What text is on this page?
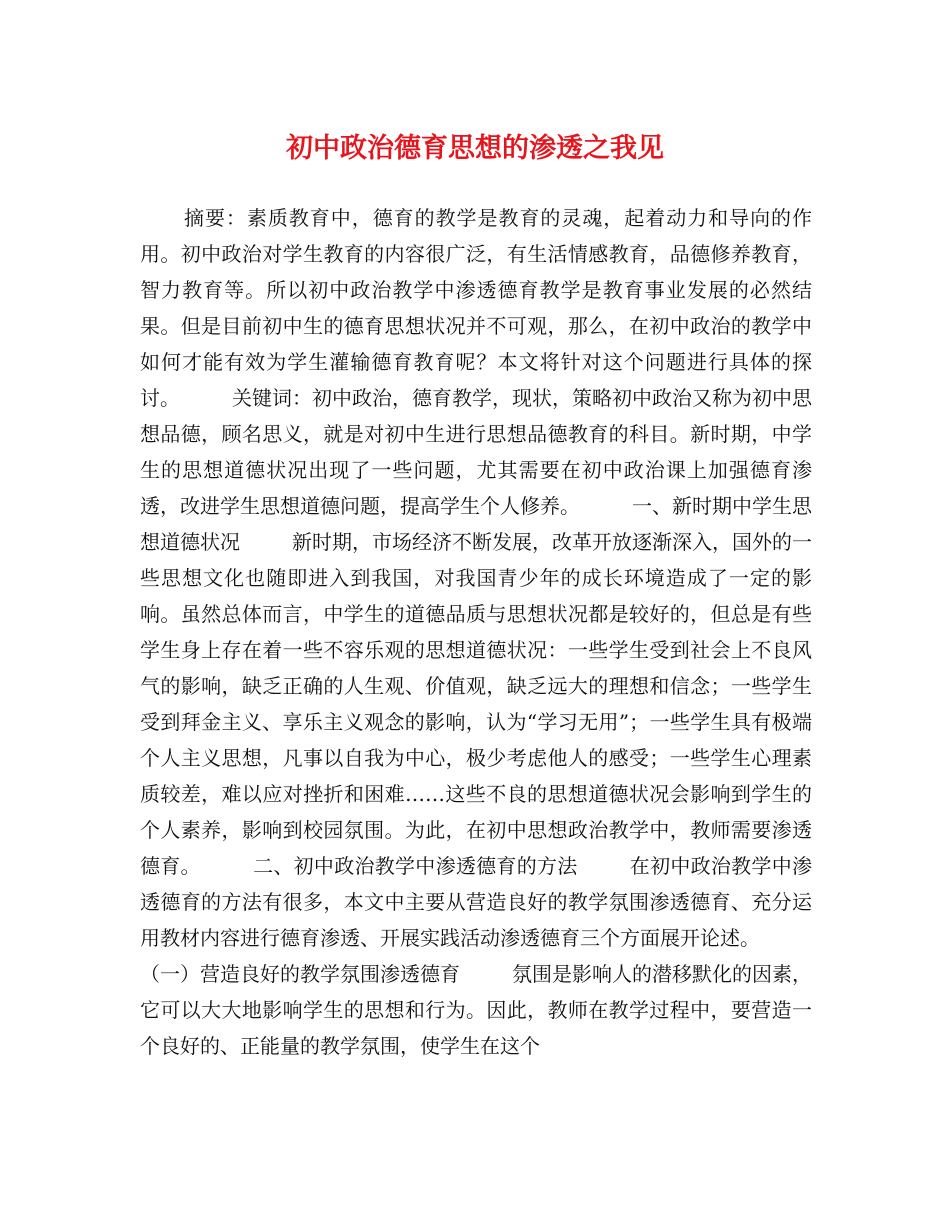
初中政治德育思想的渗透之我见

摘要：素质教育中，德育的教学是教育的灵魂，起着动力和导向的作用。初中政治对学生教育的内容很广泛，有生活情感教育，品德修养教育，智力教育等。所以初中政治教学中渗透德育教学是教育事业发展的必然结果。但是目前初中生的德育思想状况并不可观，那么，在初中政治的教学中如何才能有效为学生灌输德育教育呢？本文将针对这个问题进行具体的探讨。	关键词：初中政治，德育教学，现状，策略初中政治又称为初中思想品德，顾名思义，就是对初中生进行思想品德教育的科目。新时期，中学生的思想道德状况出现了一些问题，尤其需要在初中政治课上加强德育渗透，改进学生思想道德问题，提高学生个人修养。	一、新时期中学生思想道德状况	新时期，市场经济不断发展，改革开放逐渐深入，国外的一些思想文化也随即进入到我国，对我国青少年的成长环境造成了一定的影响。虽然总体而言，中学生的道德品质与思想状况都是较好的，但总是有些学生身上存在着一些不容乐观的思想道德状况：一些学生受到社会上不良风气的影响，缺乏正确的人生观、价值观，缺乏远大的理想和信念；一些学生受到拜金主义、享乐主义观念的影响，认为“学习无用”；一些学生具有极端个人主义思想，凡事以自我为中心，极少考虑他人的感受；一些学生心理素质较差，难以应对挫折和困难……这些不良的思想道德状况会影响到学生的个人素养，影响到校园氛围。为此，在初中思想政治教学中，教师需要渗透德育。	二、初中政治教学中渗透德育的方法	在初中政治教学中渗透德育的方法有很多，本文中主要从营造良好的教学氛围渗透德育、充分运用教材内容进行德育渗透、开展实践活动渗透德育三个方面展开论述。（一）营造良好的教学氛围渗透德育	氛围是影响人的潜移默化的因素，它可以大大地影响学生的思想和行为。因此，教师在教学过程中，要营造一个良好的、正能量的教学氛围，使学生在这个
